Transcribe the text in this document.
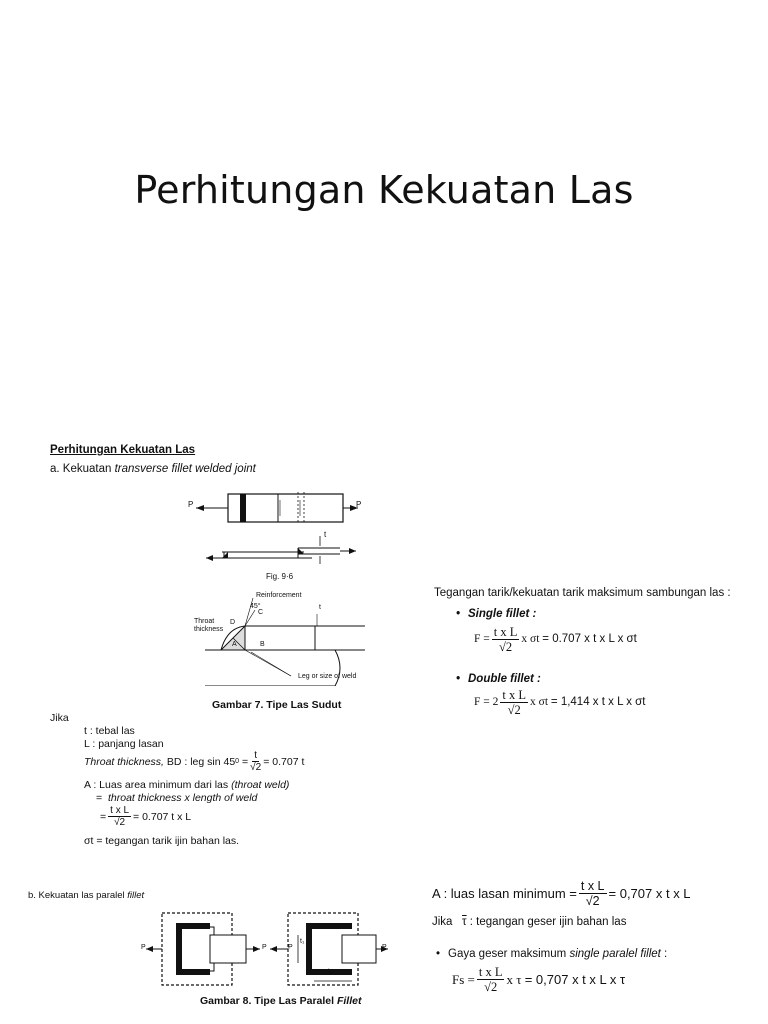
Perhitungan Kekuatan Las
Perhitungan Kekuatan Las
a. Kekuatan transverse fillet welded joint
P	P
t
Fig. 9·6
Reinforcement
45°
Throat
thickness
D
C
A	B
t
Leg or size of weld
Gambar 7. Tipe Las Sudut
Jika
t : tebal las
L : panjang lasan
Throat thickness,
BD : leg sin 45 0
= $\frac{t}{√2} = 0.707$ t
A : Luas area minimum dari las (throat weld)
= throat thickness x length of weld
= $\frac{\text{t x L}}{√2} = 0.707$ t x L
σt = tegangan tarik ijin bahan las.
Tegangan tarik/kekuatan tarik maksimum sambungan las :
• Single fillet :
$F = \frac{\text{t x L}}{√2}$ x σt
= 0.707 x t x L x σt
• Double fillet :
$F = 2 \frac{\text{t x L}}{√2}$ x σt
= 1,414 x t x L x σt
b. Kekuatan las paralel fillet
P	P	P	P
t₁
l₂
Gambar 8. Tipe Las Paralel Fillet
A : luas lasan minimum
= $\frac{\text{t x L}}{√2} = 0,707$ x t x L
Jika $\overline{\tau}$ : tegangan geser ijin bahan las
• Gaya geser maksimum single paralel fillet :
$Fs = \frac{\text{t x L}}{√2}$ x τ
= 0,707 x t x L x τ
